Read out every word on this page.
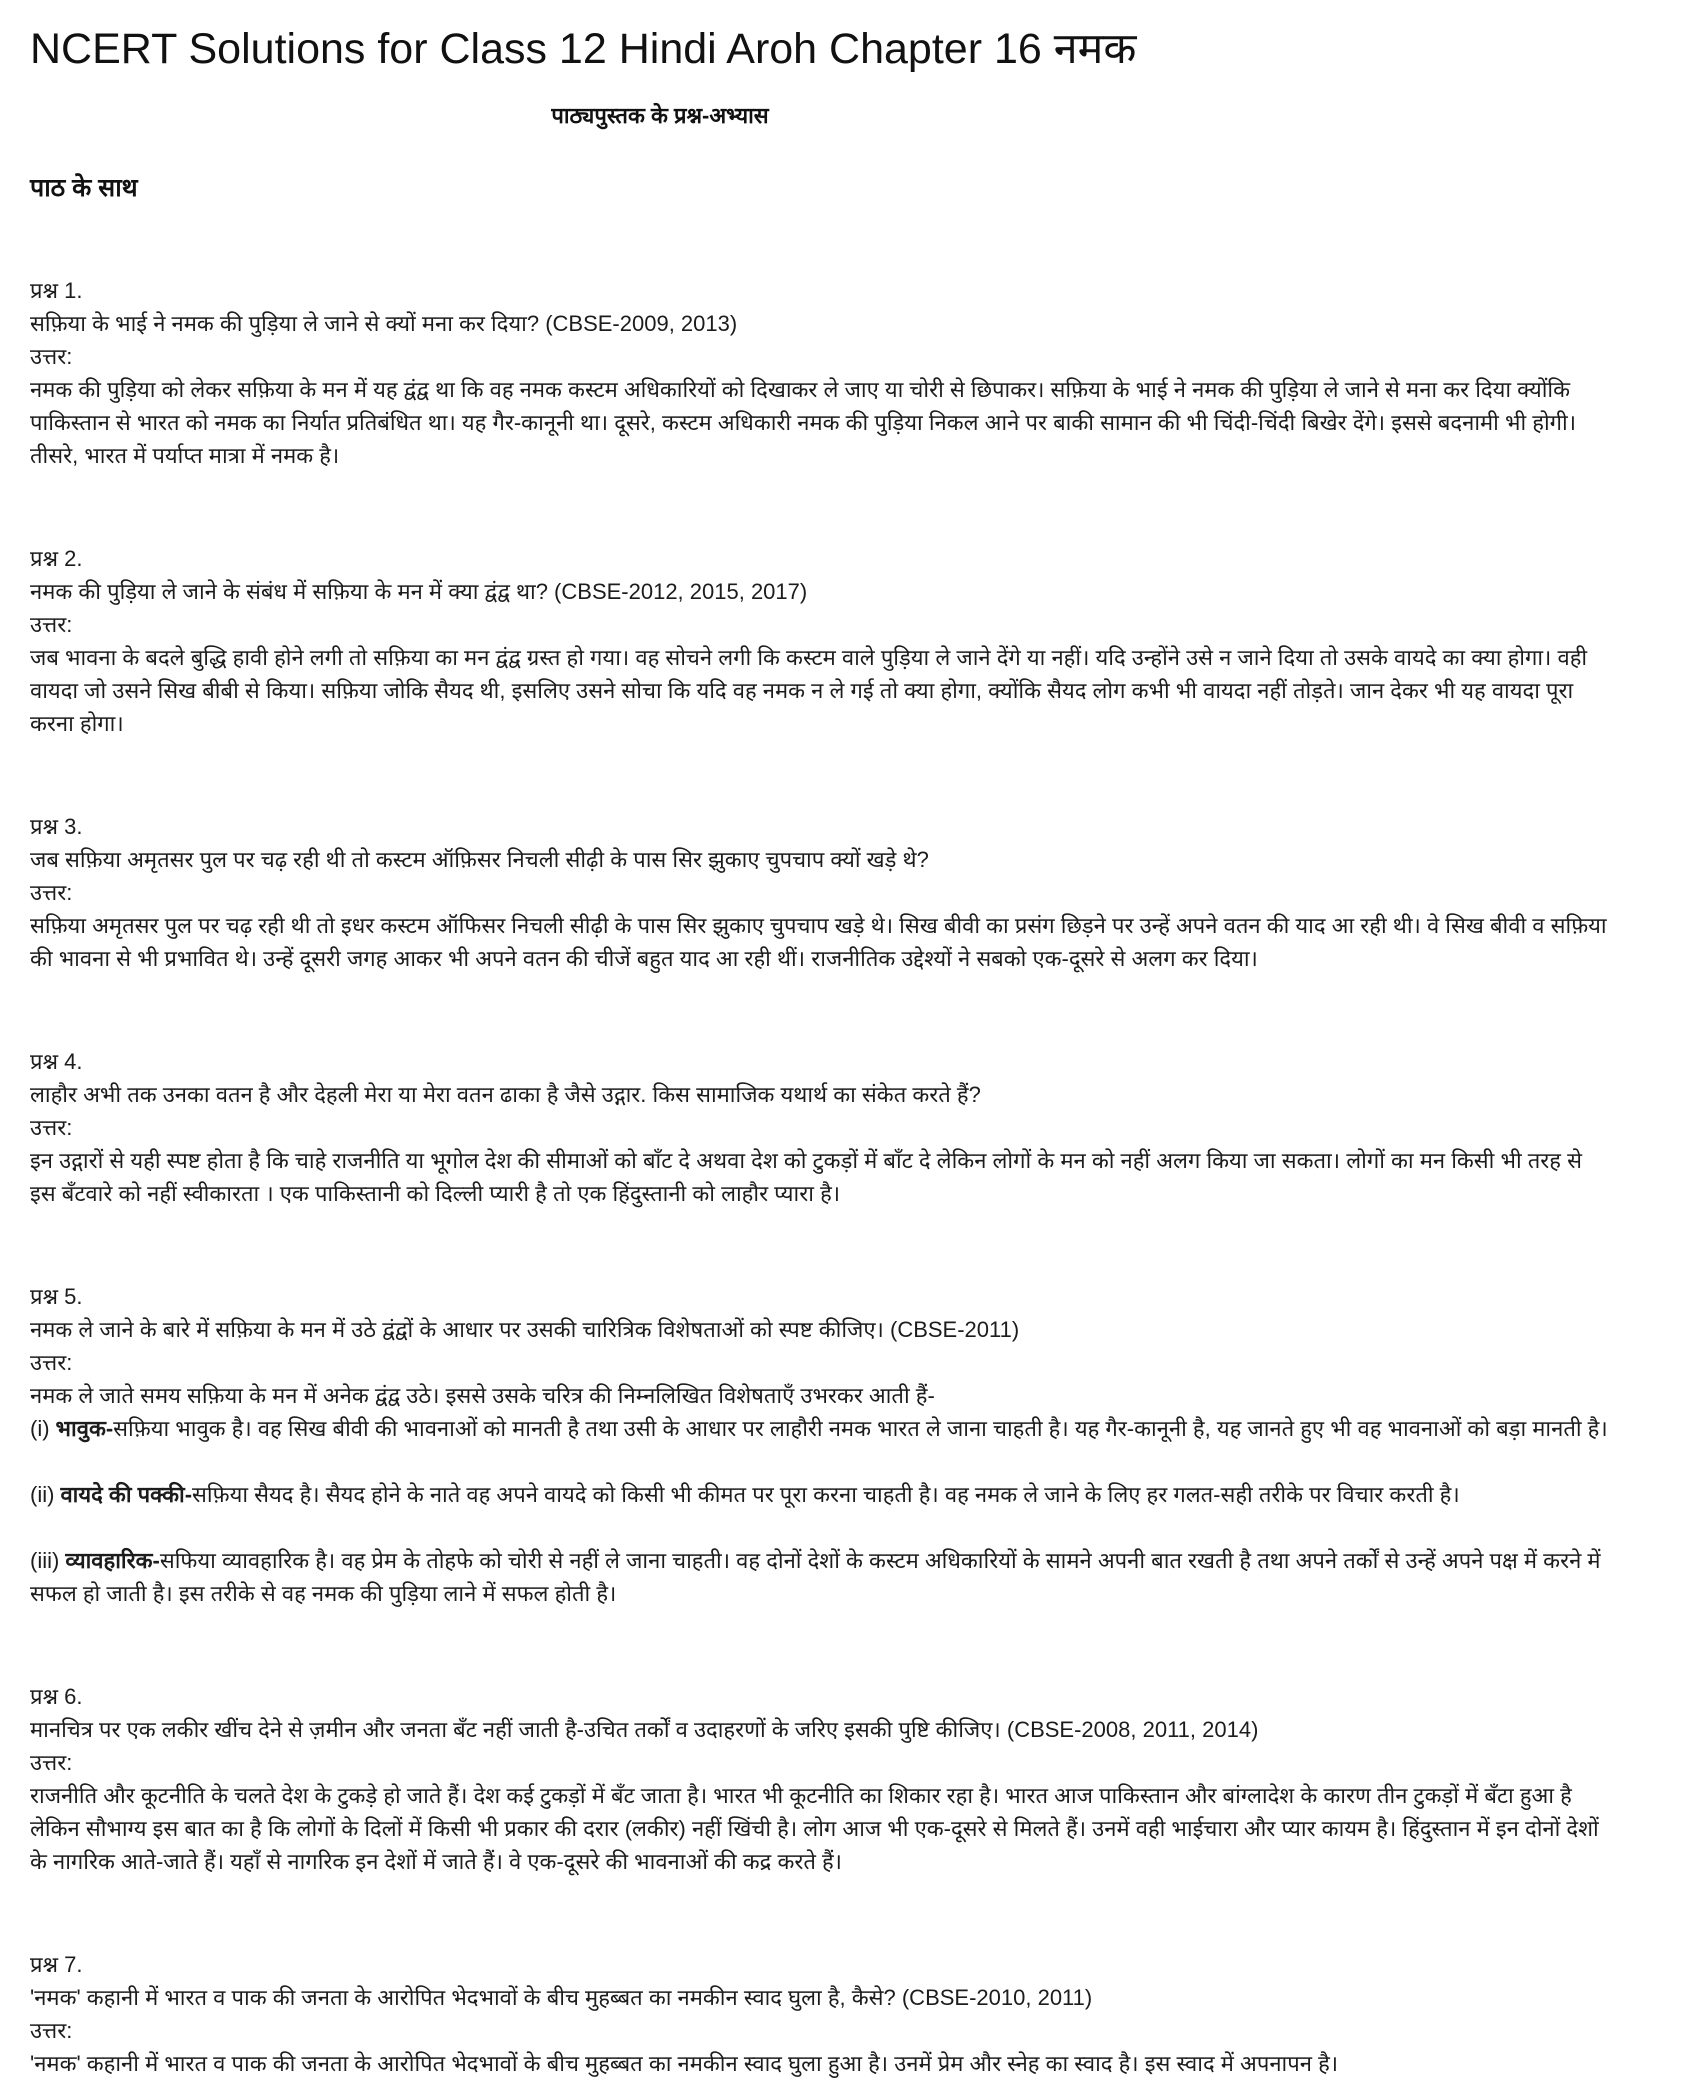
NCERT Solutions for Class 12 Hindi Aroh Chapter 16 नमक
पाठ्यपुस्तक के प्रश्न-अभ्यास
पाठ के साथ

प्रश्न 1.

सफ़िया के भाई ने नमक की पुड़िया ले जाने से क्यों मना कर दिया? (CBSE-2009, 2013)

उत्तर:

नमक की पुड़िया को लेकर सफ़िया के मन में यह द्वंद्व था कि वह नमक कस्टम अधिकारियों को दिखाकर ले जाए या चोरी से छिपाकर। सफ़िया के भाई ने नमक की पुड़िया ले जाने से मना कर दिया क्योंकि पाकिस्तान से भारत को नमक का निर्यात प्रतिबंधित था। यह गैर-कानूनी था। दूसरे, कस्टम अधिकारी नमक की पुड़िया निकल आने पर बाकी सामान की भी चिंदी-चिंदी बिखेर देंगे। इससे बदनामी भी होगी। तीसरे, भारत में पर्याप्त मात्रा में नमक है।

प्रश्न 2.

नमक की पुड़िया ले जाने के संबंध में सफ़िया के मन में क्या द्वंद्व था? (CBSE-2012, 2015, 2017)

उत्तर:

जब भावना के बदले बुद्धि हावी होने लगी तो सफ़िया का मन द्वंद्व ग्रस्त हो गया। वह सोचने लगी कि कस्टम वाले पुड़िया ले जाने देंगे या नहीं। यदि उन्होंने उसे न जाने दिया तो उसके वायदे का क्या होगा। वही वायदा जो उसने सिख बीबी से किया। सफ़िया जोकि सैयद थी, इसलिए उसने सोचा कि यदि वह नमक न ले गई तो क्या होगा, क्योंकि सैयद लोग कभी भी वायदा नहीं तोड़ते। जान देकर भी यह वायदा पूरा करना होगा।

प्रश्न 3.

जब सफ़िया अमृतसर पुल पर चढ़ रही थी तो कस्टम ऑफ़िसर निचली सीढ़ी के पास सिर झुकाए चुपचाप क्यों खड़े थे?

उत्तर:

सफ़िया अमृतसर पुल पर चढ़ रही थी तो इधर कस्टम ऑफिसर निचली सीढ़ी के पास सिर झुकाए चुपचाप खड़े थे। सिख बीवी का प्रसंग छिड़ने पर उन्हें अपने वतन की याद आ रही थी। वे सिख बीवी व सफ़िया की भावना से भी प्रभावित थे। उन्हें दूसरी जगह आकर भी अपने वतन की चीजें बहुत याद आ रही थीं। राजनीतिक उद्देश्यों ने सबको एक-दूसरे से अलग कर दिया।

प्रश्न 4.

लाहौर अभी तक उनका वतन है और देहली मेरा या मेरा वतन ढाका है जैसे उद्गार. किस सामाजिक यथार्थ का संकेत करते हैं?

उत्तर:

इन उद्गारों से यही स्पष्ट होता है कि चाहे राजनीति या भूगोल देश की सीमाओं को बाँट दे अथवा देश को टुकड़ों में बाँट दे लेकिन लोगों के मन को नहीं अलग किया जा सकता। लोगों का मन किसी भी तरह से इस बँटवारे को नहीं स्वीकारता । एक पाकिस्तानी को दिल्ली प्यारी है तो एक हिंदुस्तानी को लाहौर प्यारा है।

प्रश्न 5.

नमक ले जाने के बारे में सफ़िया के मन में उठे द्वंद्वों के आधार पर उसकी चारित्रिक विशेषताओं को स्पष्ट कीजिए। (CBSE-2011)

उत्तर:

नमक ले जाते समय सफ़िया के मन में अनेक द्वंद्व उठे। इससे उसके चरित्र की निम्नलिखित विशेषताएँ उभरकर आती हैं-

(i) भावुक-सफ़िया भावुक है। वह सिख बीवी की भावनाओं को मानती है तथा उसी के आधार पर लाहौरी नमक भारत ले जाना चाहती है। यह गैर-कानूनी है, यह जानते हुए भी वह भावनाओं को बड़ा मानती है।

(ii) वायदे की पक्की-सफ़िया सैयद है। सैयद होने के नाते वह अपने वायदे को किसी भी कीमत पर पूरा करना चाहती है। वह नमक ले जाने के लिए हर गलत-सही तरीके पर विचार करती है।

(iii) व्यावहारिक-सफिया व्यावहारिक है। वह प्रेम के तोहफे को चोरी से नहीं ले जाना चाहती। वह दोनों देशों के कस्टम अधिकारियों के सामने अपनी बात रखती है तथा अपने तर्कों से उन्हें अपने पक्ष में करने में सफल हो जाती है। इस तरीके से वह नमक की पुड़िया लाने में सफल होती है।

प्रश्न 6.

मानचित्र पर एक लकीर खींच देने से ज़मीन और जनता बँट नहीं जाती है-उचित तर्कों व उदाहरणों के जरिए इसकी पुष्टि कीजिए। (CBSE-2008, 2011, 2014)

उत्तर:

राजनीति और कूटनीति के चलते देश के टुकड़े हो जाते हैं। देश कई टुकड़ों में बँट जाता है। भारत भी कूटनीति का शिकार रहा है। भारत आज पाकिस्तान और बांग्लादेश के कारण तीन टुकड़ों में बँटा हुआ है लेकिन सौभाग्य इस बात का है कि लोगों के दिलों में किसी भी प्रकार की दरार (लकीर) नहीं खिंची है। लोग आज भी एक-दूसरे से मिलते हैं। उनमें वही भाईचारा और प्यार कायम है। हिंदुस्तान में इन दोनों देशों के नागरिक आते-जाते हैं। यहाँ से नागरिक इन देशों में जाते हैं। वे एक-दूसरे की भावनाओं की कद्र करते हैं।

प्रश्न 7.

'नमक' कहानी में भारत व पाक की जनता के आरोपित भेदभावों के बीच मुहब्बत का नमकीन स्वाद घुला है, कैसे? (CBSE-2010, 2011)

उत्तर:

'नमक' कहानी में भारत व पाक की जनता के आरोपित भेदभावों के बीच मुहब्बत का नमकीन स्वाद घुला हुआ है। उनमें प्रेम और स्नेह का स्वाद है। इस स्वाद में अपनापन है।
